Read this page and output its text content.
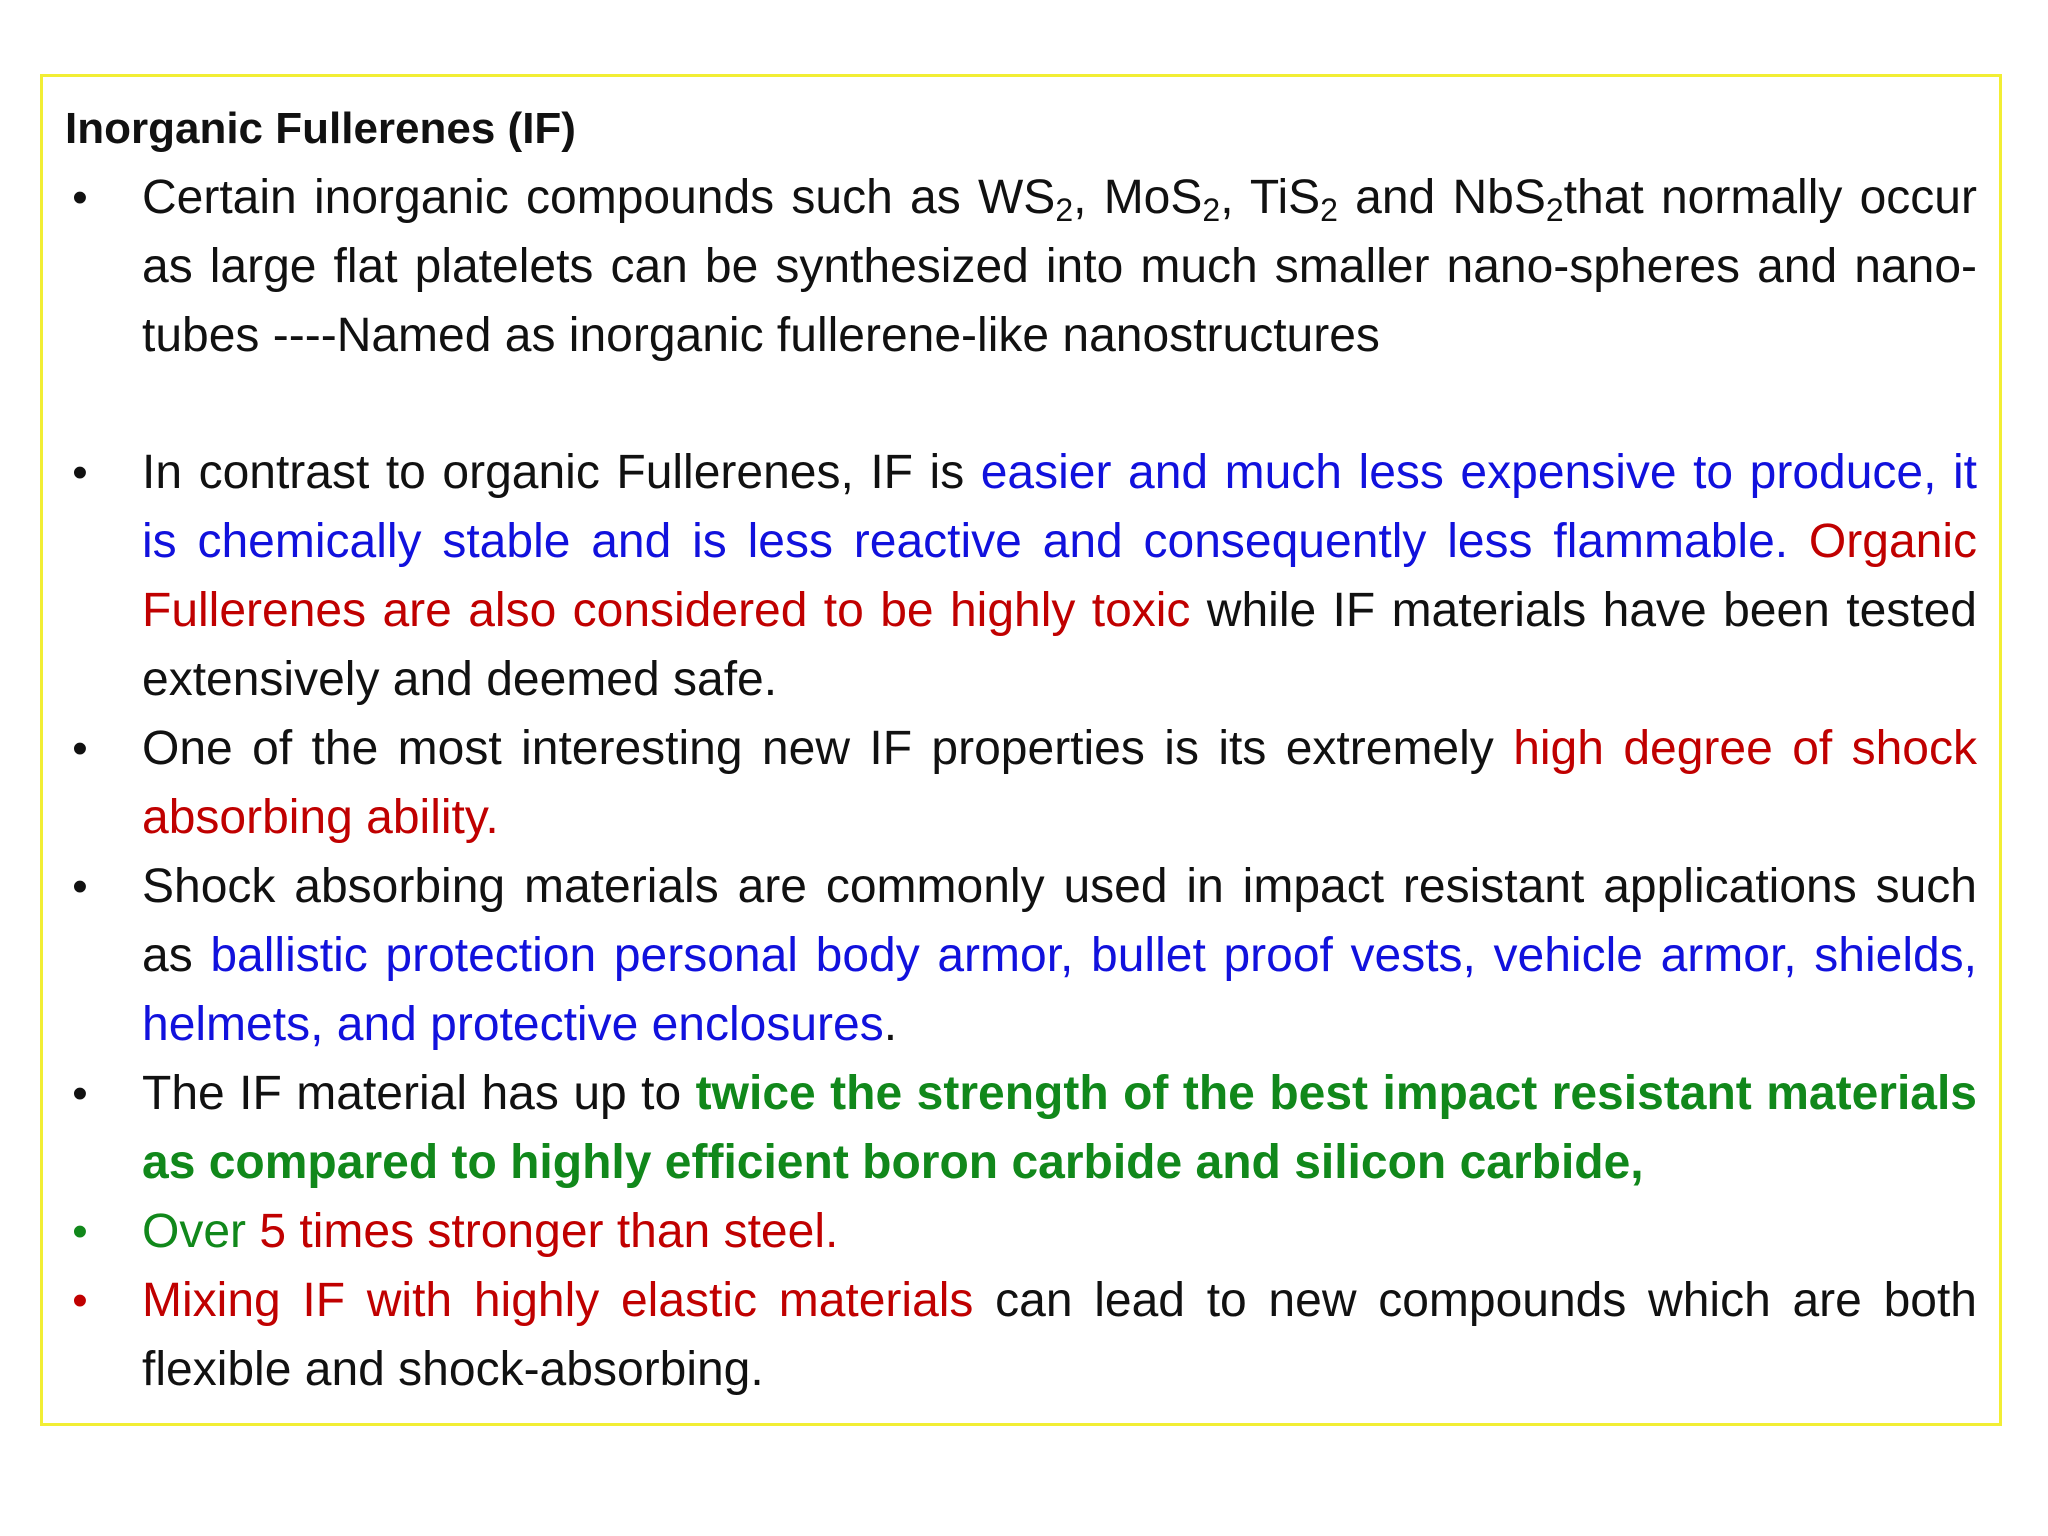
Inorganic Fullerenes (IF)

• Certain inorganic compounds such as $WS_2$, MoS$_2$, TiS$_2$ and NbS$_2$that normally occur as large flat platelets can be synthesized into much smaller nano-spheres and nano-tubes ----Named as inorganic fullerene-like nanostructures
• In contrast to organic Fullerenes, IF is easier and much less expensive to produce, it is chemically stable and is less reactive and consequently less flammable. Organic Fullerenes are also considered to be highly toxic while IF materials have been tested extensively and deemed safe.
• One of the most interesting new IF properties is its extremely high degree of shock absorbing ability.
• Shock absorbing materials are commonly used in impact resistant applications such as ballistic protection personal body armor, bullet proof vests, vehicle armor, shields, helmets, and protective enclosures.
• The IF material has up to twice the strength of the best impact resistant materials as compared to highly efficient boron carbide and silicon carbide,
• Over 5 times stronger than steel.
• Mixing IF with highly elastic materials can lead to new compounds which are both flexible and shock-absorbing.
